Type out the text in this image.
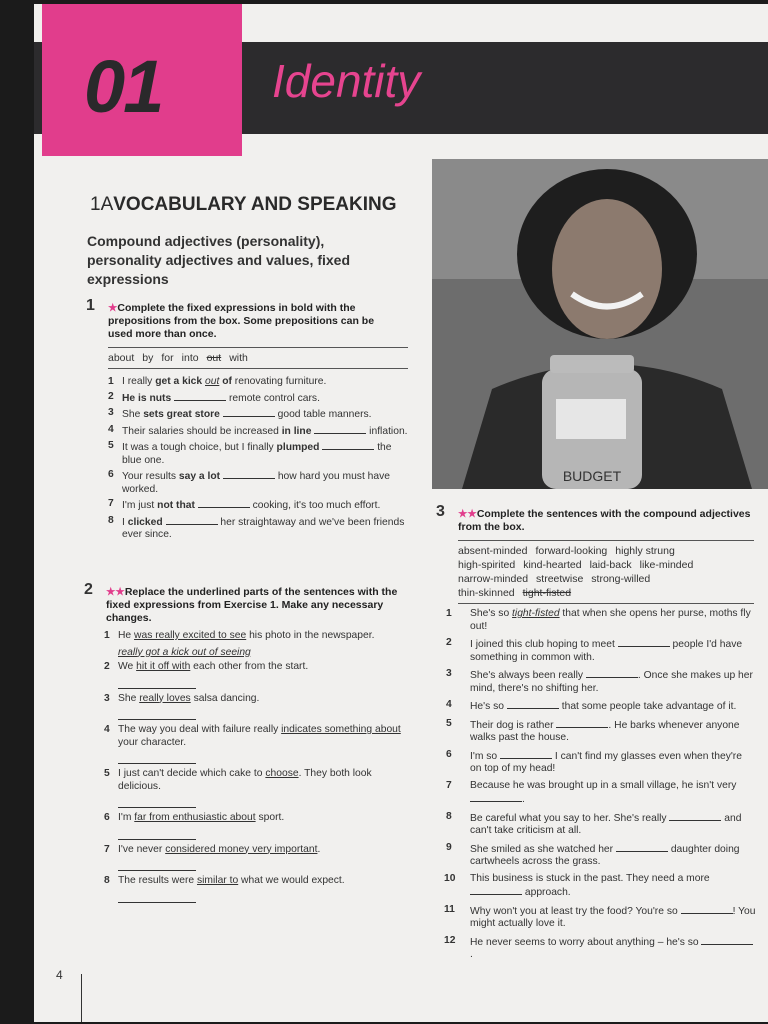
01 Identity
BUDGET
1AVOCABULARY AND SPEAKING
Compound adjectives (personality), personality adjectives and values, fixed expressions
1 ★Complete the fixed expressions in bold with the prepositions from the box. Some prepositions can be used more than once.
about by for into out with
1 I really get a kick out of renovating furniture.
2 He is nuts	remote control cars.
3 She sets great store	good table manners.
4 Their salaries should be increased in line	inflation.
5 It was a tough choice, but I finally plumped	the blue one.
6 Your results say a lot	how hard you must have worked.
7 I'm just not that	cooking, it's too much effort.
8 I clicked	her straightaway and we've been friends ever since.
2 ★★Replace the underlined parts of the sentences with the fixed expressions from Exercise 1. Make any necessary changes.
1 He was really excited to see his photo in the newspaper.
really got a kick out of seeing
2 We hit it off with each other from the start.
3 She really loves salsa dancing.
4 The way you deal with failure really indicates something about your character.
5 I just can't decide which cake to choose. They both look delicious.
6 I'm far from enthusiastic about sport.
7 I've never considered money very important.
8 The results were similar to what we would expect.
3 ★★Complete the sentences with the compound adjectives from the box.
absent-minded forward-looking highly strung
high-spirited kind-hearted laid-back like-minded
narrow-minded streetwise strong-willed
thin-skinned tight-fisted
1 She's so tight-fisted that when she opens her purse, moths fly out!
2 I joined this club hoping to meet	people I'd have something in common with.
3 She's always been really	. Once she makes up her mind, there's no shifting her.
4 He's so	that some people take advantage of it.
5 Their dog is rather	. He barks whenever anyone walks past the house.
6 I'm so	I can't find my glasses even when they're on top of my head!
7 Because he was brought up in a small village, he isn't very .
8 Be careful what you say to her. She's really	and can't take criticism at all.
9 She smiled as she watched her	daughter doing cartwheels across the grass.
10 This business is stuck in the past. They need a more  approach.
11 Why won't you at least try the food? You're so	! You might actually love it.
12 He never seems to worry about anything – he's so .
4
